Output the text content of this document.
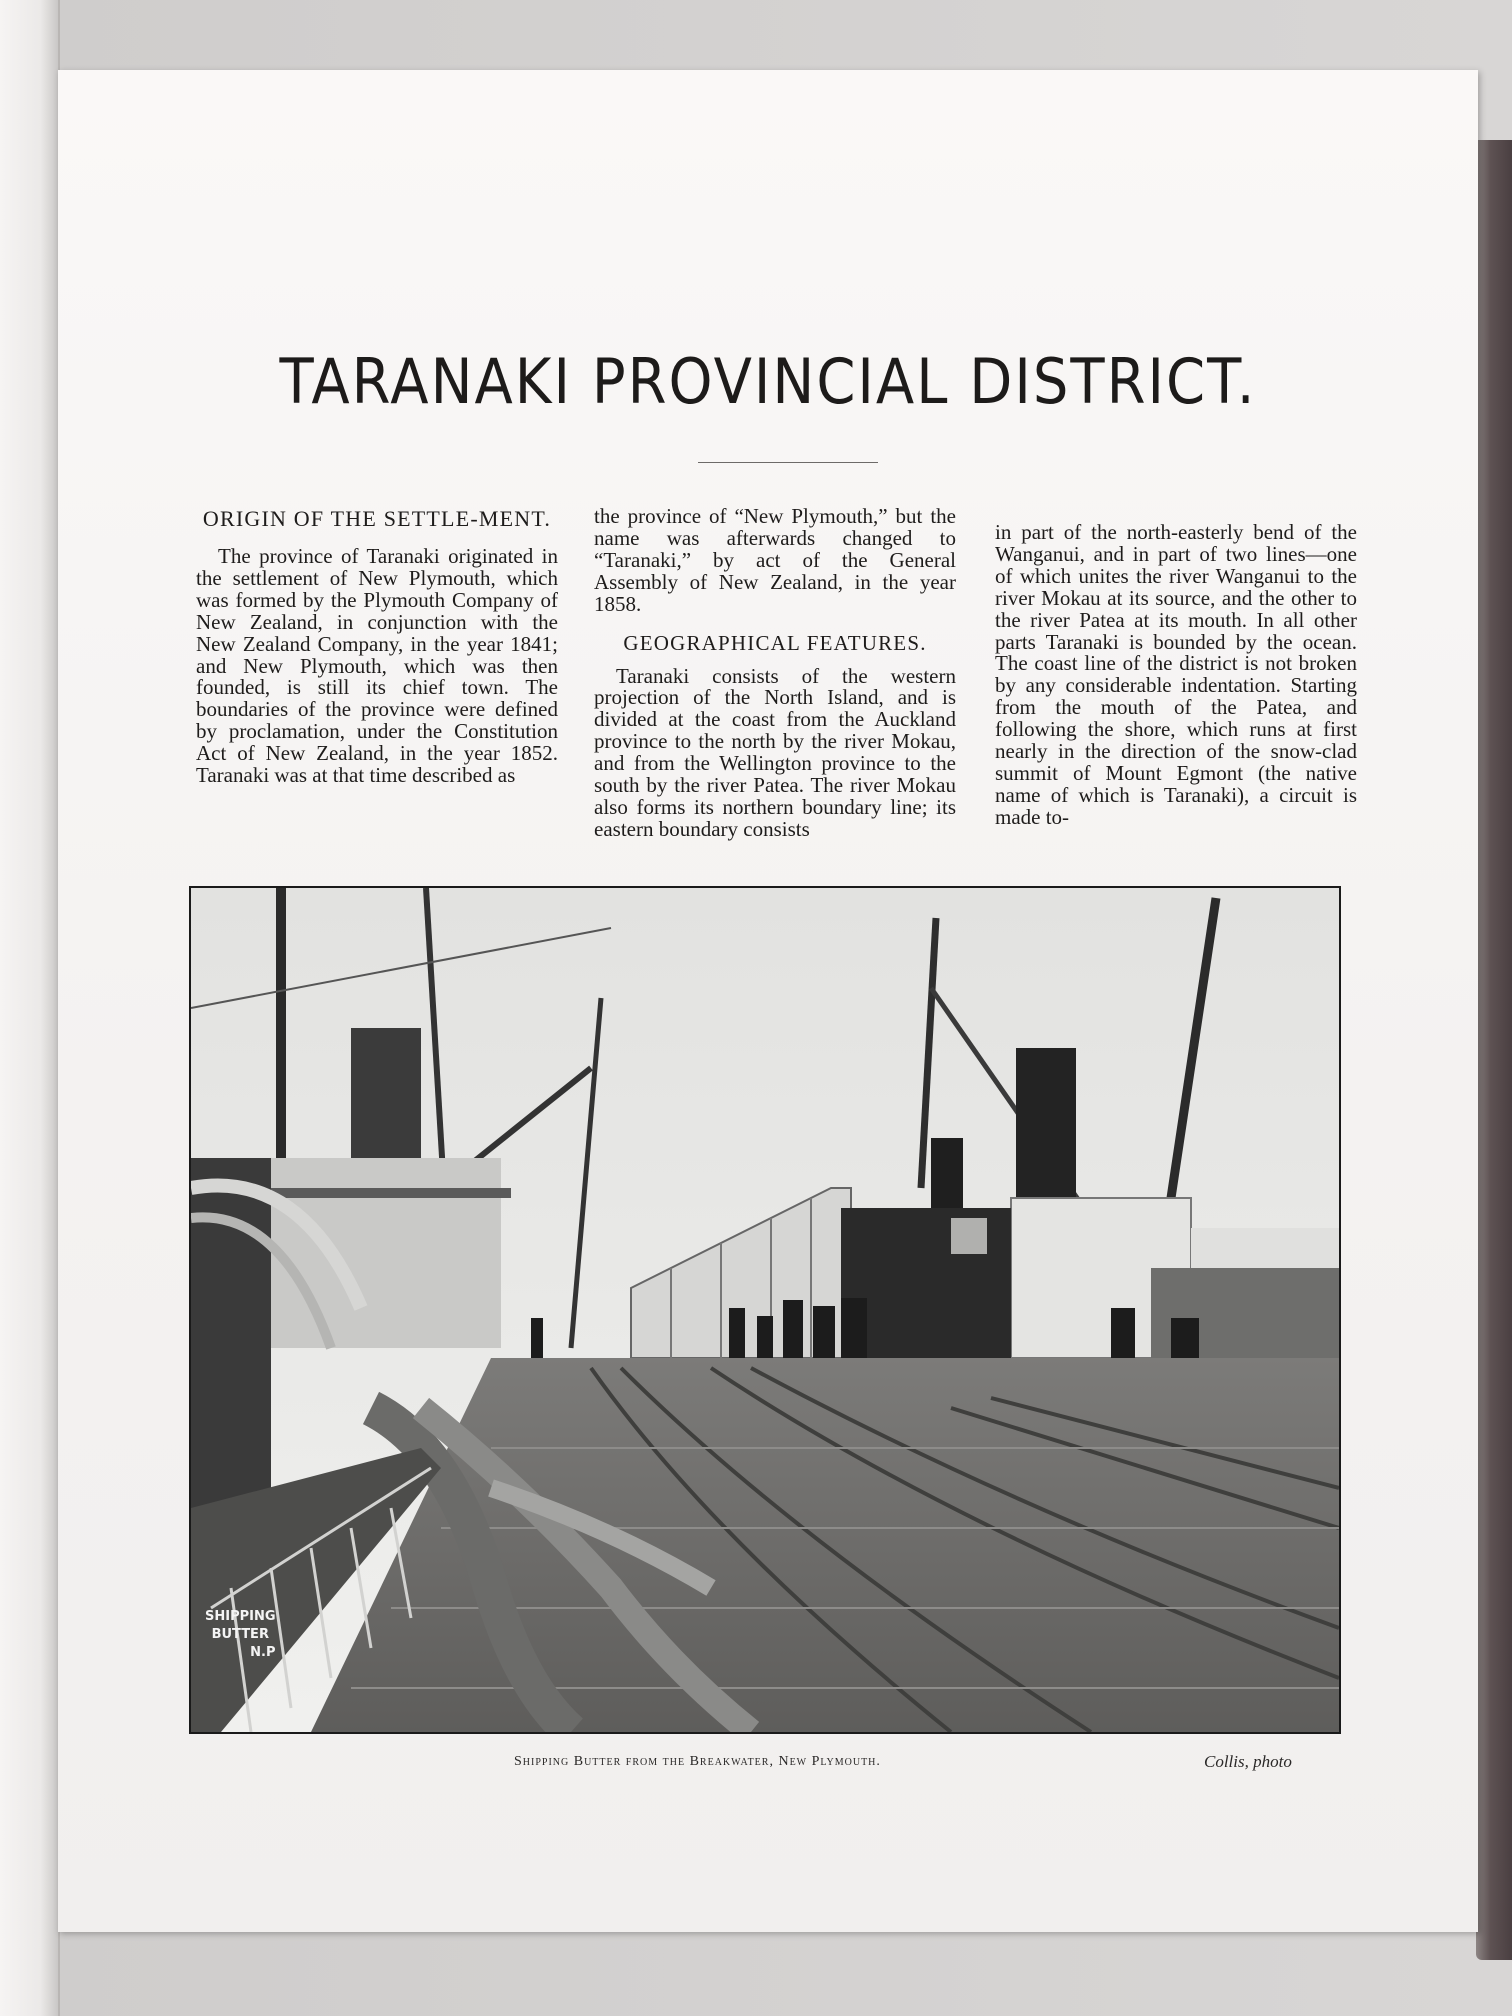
TARANAKI PROVINCIAL DISTRICT.
ORIGIN OF THE SETTLE-MENT.

The province of Taranaki originated in the settlement of New Plymouth, which was formed by the Plymouth Company of New Zealand, in conjunction with the New Zealand Company, in the year 1841; and New Plymouth, which was then founded, is still its chief town. The boundaries of the province were defined by proclamation, under the Constitution Act of New Zealand, in the year 1852. Taranaki was at that time described as

the province of “New Plymouth,” but the name was afterwards changed to “Taranaki,” by act of the General Assembly of New Zealand, in the year 1858.

GEOGRAPHICAL FEATURES.

Taranaki consists of the western projection of the North Island, and is divided at the coast from the Auckland province to the north by the river Mokau, and from the Wellington province to the south by the river Patea. The river Mokau also forms its northern boundary line; its eastern boundary consists

in part of the north-easterly bend of the Wanganui, and in part of two lines—one of which unites the river Wanganui to the river Mokau at its source, and the other to the river Patea at its mouth. In all other parts Taranaki is bounded by the ocean. The coast line of the district is not broken by any considerable indentation. Starting from the mouth of the Patea, and following the shore, which runs at first nearly in the direction of the snow-clad summit of Mount Egmont (the native name of which is Taranaki), a circuit is made to-

SHIPPING
BUTTER
N.P
Shipping Butter from the Breakwater, New Plymouth.	Collis, photo
